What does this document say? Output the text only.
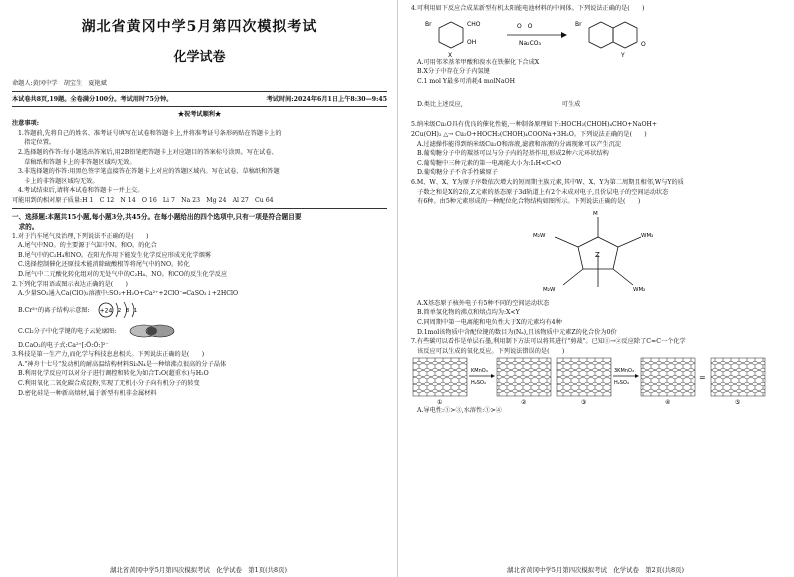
湖北省黄冈中学5月第四次模拟考试
化学试卷
命题人:黄冈中学　胡宝生　夏艳斌
本试卷共8页,19题。全卷满分100分。考试用时75分钟。	考试时间:2024年6月1日上午8:30—9:45
★祝考试顺利★
注意事项:
1.答题前,先将自己的姓名、准考证号填写在试卷和答题卡上,并将准考证号条形码贴在答题卡上的
　指定位置。
2.选择题的作答:每小题选出答案后,用2B铅笔把答题卡上对应题目的答案标号涂黑。写在试卷、
　草稿纸和答题卡上的非答题区域均无效。
3.非选择题的作答:用黑色签字笔直接答在答题卡上对应的答题区域内。写在试卷、草稿纸和答题
　卡上的非答题区域均无效。
4.考试结束后,请将本试卷和答题卡一并上交。
可能用到的相对原子质量:H 1　C 12　N 14　O 16　Li 7　Na 23　Mg 24　Al 27　Cu 64
一、选择题:本题共15小题,每小题3分,共45分。在每小题给出的四个选项中,只有一项是符合题目要
　求的。
1.对于汽车尾气及治理,下列说法不正确的是(　　)
A.尾气中NO。的主要源于气缸中N。和O。的化合
B.尾气中的C₂H₄和NO。在阳光作用下能发生化学反应形成光化学烟雾
C.选择控制催化还原技术能消除硫酸根等将尾气中的NO。转化
D.尾气中二元酸化转化组对的无处气中的C₂H₄、NO。和CO的反生化学反应
2.下列化学用语或图示表达正确的是(　　)
A.少量SO₂通入Ca(ClO)₂溶液中:SO₂+H₂O+Ca²⁺+2ClO⁻═CaSO₃↓+2HClO
B.Cr³⁺的离子结构示意图: +24 2 8 1
C.Cl₂分子中化学键的电子云轮廓图:
D.CaO₂的电子式:Ca²⁺[:Ö:Ö:]²⁻
3.科技是第一生产力,而化学与科技息息相关。下列说法正确的是(　　)
A."神舟十七号"发动机的耐高温结构材料Si₃N₄是一种熔沸点很高的分子晶体
B.利用化学反应可以对分子进行调控和转化为如合T₂O(超重水)与H₂O
C.利用氧化二氧化碳合成淀粉,实现了无机小分子向有机分子的转变
D.密化硅是一种新高熔材,属于新型有机非金属材料
湖北省黄冈中学5月第四次模拟考试　化学试卷　第1页(共8页)
4.可利用如下反应合成某新型有机太阳能电池材料的中间体。下列说法正确的是(　　)
Br	CHO
OH
X
O　O
Na₂CO₃
Br
O
Y
A.可用邻苯基苯甲酸和溴水在铁催化下合成X
B.X分子中存在分子内氢键
C.1 mol Y最多可消耗4 molNaOH
D.类比上述反应,　　　　　　　　　　　　　　　　可生成
5.纳米级Cu₂O具有优良的催化性能,一种制备原理如下:HOCH₂(CHOH)₄CHO+NaOH+
2Cu(OH)₂ △→ Cu₂O+HOCH₂(CHOH)₄COONa+3H₂O。下列说法正确的是(　　)
A.过滤操作能得到纳米级Cu₂O和溶液,滤液和溶液的分离现象可以产生沉淀
B.葡萄糖分子中的羰基可以与分子内的羟基作用,形成2种六元环状结构
C.葡萄糖中三种元素的第一电离能大小为:I₁H<C<O
D.葡萄糖分子不含手性碳原子
6.M、W、X、Y为原子序数依次增大的短周期主族元素,其中W、X、Y为第二周期且相邻,W与Y的质
　子数之和是X的2倍,Z元素的基态原子3d轨道上有2个未成对电子,且价层电子的空间运动状态
　有6种。由5种元素形成的一种配位化合物结构如图所示。下列说法正确的是(　　)
Z
M
WM₂
M₂W
WM₂
M₂W
A.X基态原子核外电子有5种不同的空间运动状态
B.简单氢化物的沸点和熔点均为:X<Y
C.同周期中第一电离能和电负性大于X的元素均有4种
D.1mol该物质中含配位键的数目为(Nₐ),且该物质中元素Z的化合价为0价
7.有些碳可以看作是单层石墨,利用制下方法可以将其进行"剪裁"。已知①→②反应除了C=C一个化学
　该反应可以生成的氧化反应。下列说法错误的是(　　)
KMnO₄
H₂SO₄
3KMnO₄
H₂SO₄
=
①	②	③	④	⑤
A.导电性:①>③,水溶性:①>④
湖北省黄冈中学5月第四次模拟考试　化学试卷　第2页(共8页)
